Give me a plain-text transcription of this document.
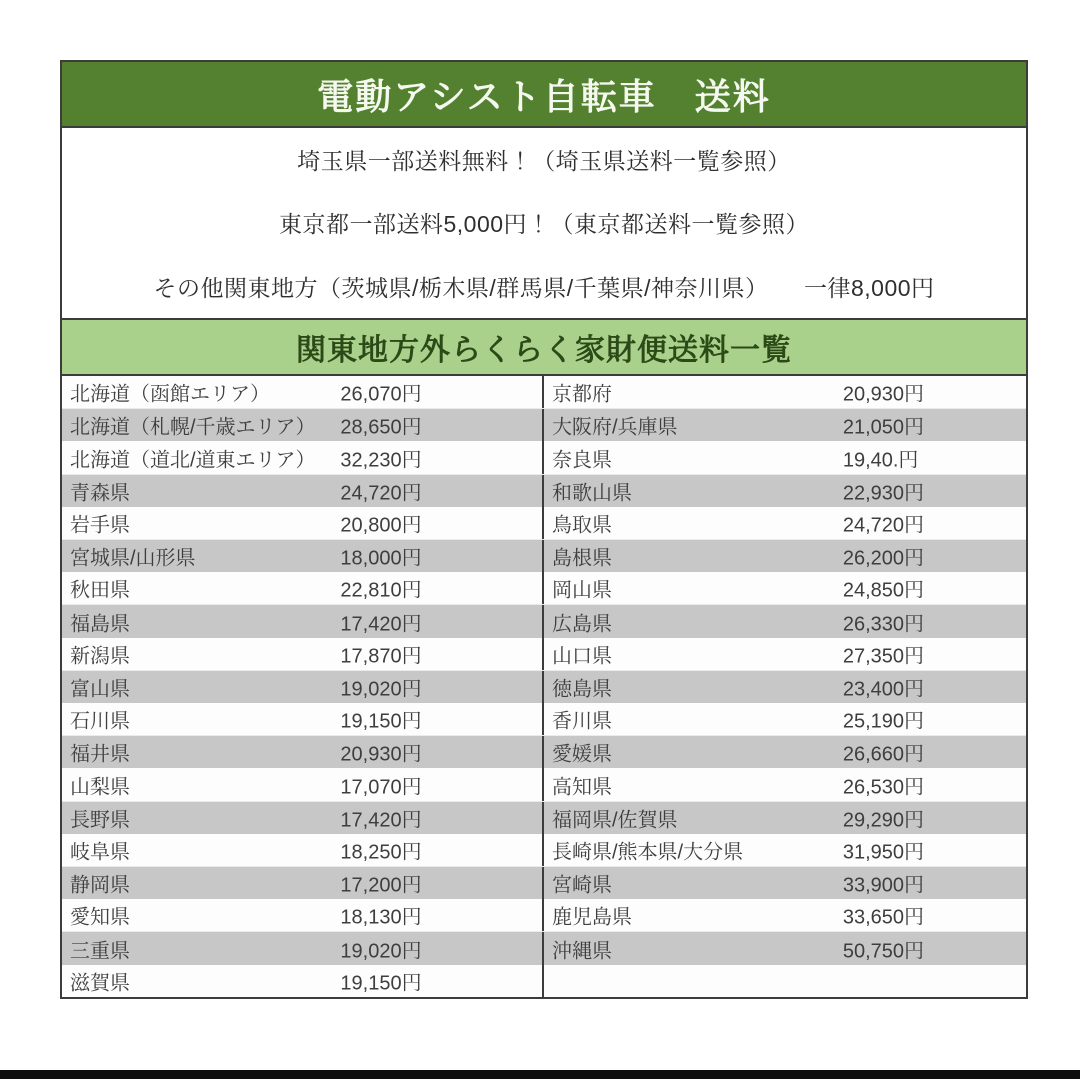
電動アシスト自転車　送料
埼玉県一部送料無料！（埼玉県送料一覧参照）
東京都一部送料5,000円！（東京都送料一覧参照）
その他関東地方（茨城県/栃木県/群馬県/千葉県/神奈川県）　　一律8,000円
関東地方外らくらく家財便送料一覧
北海道（函館エリア）	26,070円	京都府	20,930円
北海道（札幌/千歳エリア） 28,650円	大阪府/兵庫県	21,050円
北海道（道北/道東エリア） 32,230円	奈良県	19,40.円
青森県	24,720円	和歌山県	22,930円
岩手県	20,800円	鳥取県	24,720円
宮城県/山形県	18,000円	島根県	26,200円
秋田県	22,810円	岡山県	24,850円
福島県	17,420円	広島県	26,330円
新潟県	17,870円	山口県	27,350円
富山県	19,020円	徳島県	23,400円
石川県	19,150円	香川県	25,190円
福井県	20,930円	愛媛県	26,660円
山梨県	17,070円	高知県	26,530円
長野県	17,420円	福岡県/佐賀県	29,290円
岐阜県	18,250円	長崎県/熊本県/大分県	31,950円
静岡県	17,200円	宮崎県	33,900円
愛知県	18,130円	鹿児島県	33,650円
三重県	19,020円	沖縄県	50,750円
滋賀県	19,150円
